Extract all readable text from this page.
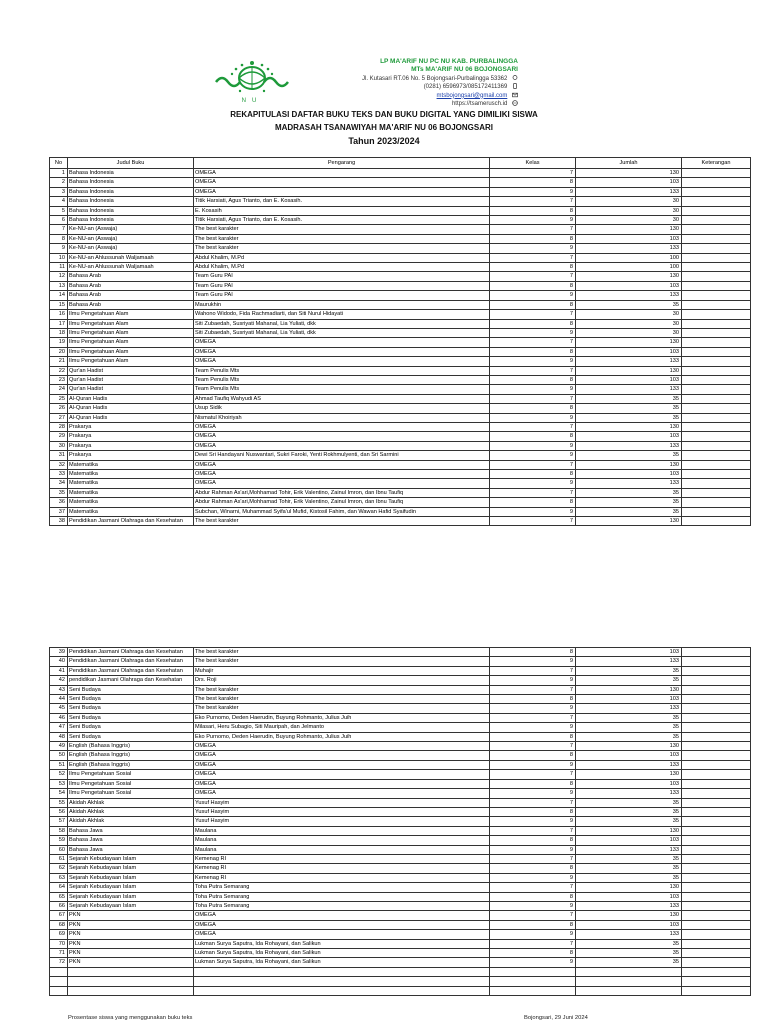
NU
LP MA'ARIF NU PC NU KAB. PURBALINGGA
MTs MA'ARIF NU 06 BOJONGSARI
Jl. Kutasari RT.06 No. 5 Bojongsari-Purbalingga 53362
(0281) 6596973/085172411369
mtsbojongsari@gmail.com
https://tsamerusch.id
REKAPITULASI DAFTAR BUKU TEKS DAN BUKU DIGITAL YANG DIMILIKI SISWA
MADRASAH TSANAWIYAH MA'ARIF NU 06 BOJONGSARI
Tahun 2023/2024
No	Judul Buku	Pengarang	Kelas	Jumlah	Keterangan
1	Bahasa Indonesia	OMEGA	7	130	
2	Bahasa Indonesia	OMEGA	8	103	
3	Bahasa Indonesia	OMEGA	9	133	
4	Bahasa Indonesia	Titik Harsiati, Agus Trianto, dan E. Kosasih.	7	30	
5	Bahasa Indonesia	E. Kosasih	8	30	
6	Bahasa Indonesia	Titik Harsiati, Agus Trianto, dan E. Kosasih.	9	30	
7	Ke-NU-an (Aswaja)	The best karakter	7	130	
8	Ke-NU-an (Aswaja)	The best karakter	8	103	
9	Ke-NU-an (Aswaja)	The best karakter	9	133	
10	Ke-NU-an Ahlussunah Waljamaah	Abdul Khalim, M.Pd	7	100	
11	Ke-NU-an Ahlussunah Waljamaah	Abdul Khalim, M.Pd	8	100	
12	Bahasa Arab	Team Guru PAI	7	130	
13	Bahasa Arab	Team Guru PAI	8	103	
14	Bahasa Arab	Team Guru PAI	9	133	
15	Bahasa Arab	Maurukhin	8	35	
16	Ilmu Pengetahuan Alam	Wahono Widodo, Fida Rachmadiarti, dan Siti Nurul Hidayati	7	30	
17	Ilmu Pengetahuan Alam	Siti Zubaedah, Susriyati Mahanal, Lia Yuliati, dkk	8	30	
18	Ilmu Pengetahuan Alam	Siti Zubaedah, Susriyati Mahanal, Lia Yuliati, dkk	9	30	
19	Ilmu Pengetahuan Alam	OMEGA	7	130	
20	Ilmu Pengetahuan Alam	OMEGA	8	103	
21	Ilmu Pengetahuan Alam	OMEGA	9	133	
22	Qur'an Hadist	Team Penulis Mts	7	130	
23	Qur'an Hadist	Team Penulis Mts	8	103	
24	Qur'an Hadist	Team Penulis Mts	9	133	
25	Al-Quran Hadis	Ahmad Taufiq Wahyudi AS	7	35	
26	Al-Quran Hadis	Usup Sidik	8	35	
27	Al-Quran Hadis	Nismatul Khoiriyah	9	35	
28	Prakarya	OMEGA	7	130	
29	Prakarya	OMEGA	8	103	
30	Prakarya	OMEGA	9	133	
31	Prakarya	Dewi Sri Handayani Nuswantari, Sukri Faroki, Yenti Rokhmulyenti, dan Sri Sarmini	9	35	
32	Matematika	OMEGA	7	130	
33	Matematika	OMEGA	8	103	
34	Matematika	OMEGA	9	133	
35	Matematika	Abdur Rahman As'ari,Mohhamad Tohir, Erik Valentino, Zainul Imron, dan Ibnu Taufiq	7	35	
36	Matematika	Abdur Rahman As'ari,Mohhamad Tohir, Erik Valentino, Zainul Imron, dan Ibnu Taufiq	8	35	
37	Matematika	Subchan, Winarni, Muhammad Syifa'ul Mufid, Kistosil Fahim, dan Wawan Hafid Syaifudin	9	35	
38	Pendidikan Jasmani Olahraga dan Kesehatan	The best karakter	7	130	
39	Pendidikan Jasmani Olahraga dan Kesehatan	The best karakter	8	103	
40	Pendidikan Jasmani Olahraga dan Kesehatan	The best karakter	9	133	
41	Pendidikan Jasmani Olahraga dan Kesehatan	Muhajir	7	35	
42	pendidikan Jasmani Olahraga dan Kesehatan	Drs. Roji	9	35	
43	Seni Budaya	The best karakter	7	130	
44	Seni Budaya	The best karakter	8	103	
45	Seni Budaya	The best karakter	9	133	
46	Seni Budaya	Eko Purnomo, Deden Haerudin, Buyung Rohmanto, Julius Juih	7	35	
47	Seni Budaya	Milasari, Heru Subagio, Siti Mauripah, dan Jelmanto	9	35	
48	Seni Budaya	Eko Purnomo, Deden Haerudin, Buyung Rohmanto, Julius Juih	8	35	
49	English (Bahasa Inggris)	OMEGA	7	130	
50	English (Bahasa Inggris)	OMEGA	8	103	
51	English (Bahasa Inggris)	OMEGA	9	133	
52	Ilmu Pengetahuan Sosial	OMEGA	7	130	
53	Ilmu Pengetahuan Sosial	OMEGA	8	103	
54	Ilmu Pengetahuan Sosial	OMEGA	9	133	
55	Akidah Akhlak	Yusuf Hasyim	7	35	
56	Akidah Akhlak	Yusuf Hasyim	8	35	
57	Akidah Akhlak	Yusuf Hasyim	9	35	
58	Bahasa Jawa	Maulana	7	130	
59	Bahasa Jawa	Maulana	8	103	
60	Bahasa Jawa	Maulana	9	133	
61	Sejarah Kebudayaan Islam	Kemenag RI	7	35	
62	Sejarah Kebudayaan Islam	Kemenag RI	8	35	
63	Sejarah Kebudayaan Islam	Kemenag RI	9	35	
64	Sejarah Kebudayaan Islam	Toha Putra Semarang	7	130	
65	Sejarah Kebudayaan Islam	Toha Putra Semarang	8	103	
66	Sejarah Kebudayaan Islam	Toha Putra Semarang	9	133	
67	PKN	OMEGA	7	130	
68	PKN	OMEGA	8	103	
69	PKN	OMEGA	9	133	
70	PKN	Lukman Surya Saputra, Ida Rohayani, dan Salikun	7	35	
71	PKN	Lukman Surya Saputra, Ida Rohayani, dan Salikun	8	35	
72	PKN	Lukman Surya Saputra, Ida Rohayani, dan Salikun	9	35	

Prosentase siswa yang menggunakan buku teks	Bojongsari, 29 Juni 2024
